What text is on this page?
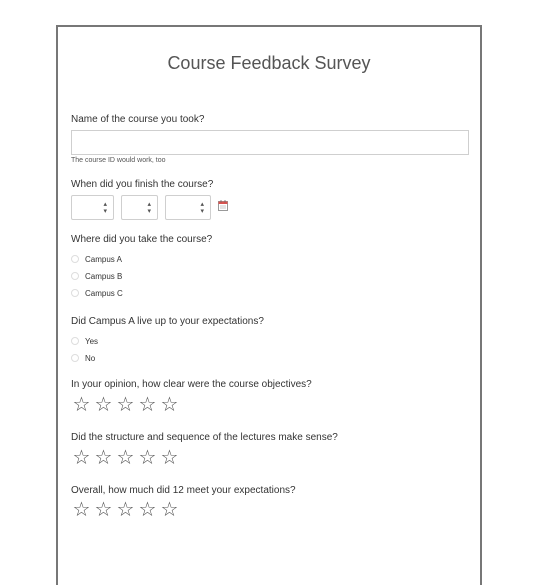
Course Feedback Survey
Name of the course you took?
The course ID would work, too
When did you finish the course?
▴
▾
▴
▾
▴
▾
Where did you take the course?
Campus A
Campus B
Campus C
Did Campus A live up to your expectations?
Yes
No
In your opinion, how clear were the course objectives?
☆ ☆ ☆ ☆ ☆
Did the structure and sequence of the lectures make sense?
☆ ☆ ☆ ☆ ☆
Overall, how much did 12 meet your expectations?
☆ ☆ ☆ ☆ ☆
